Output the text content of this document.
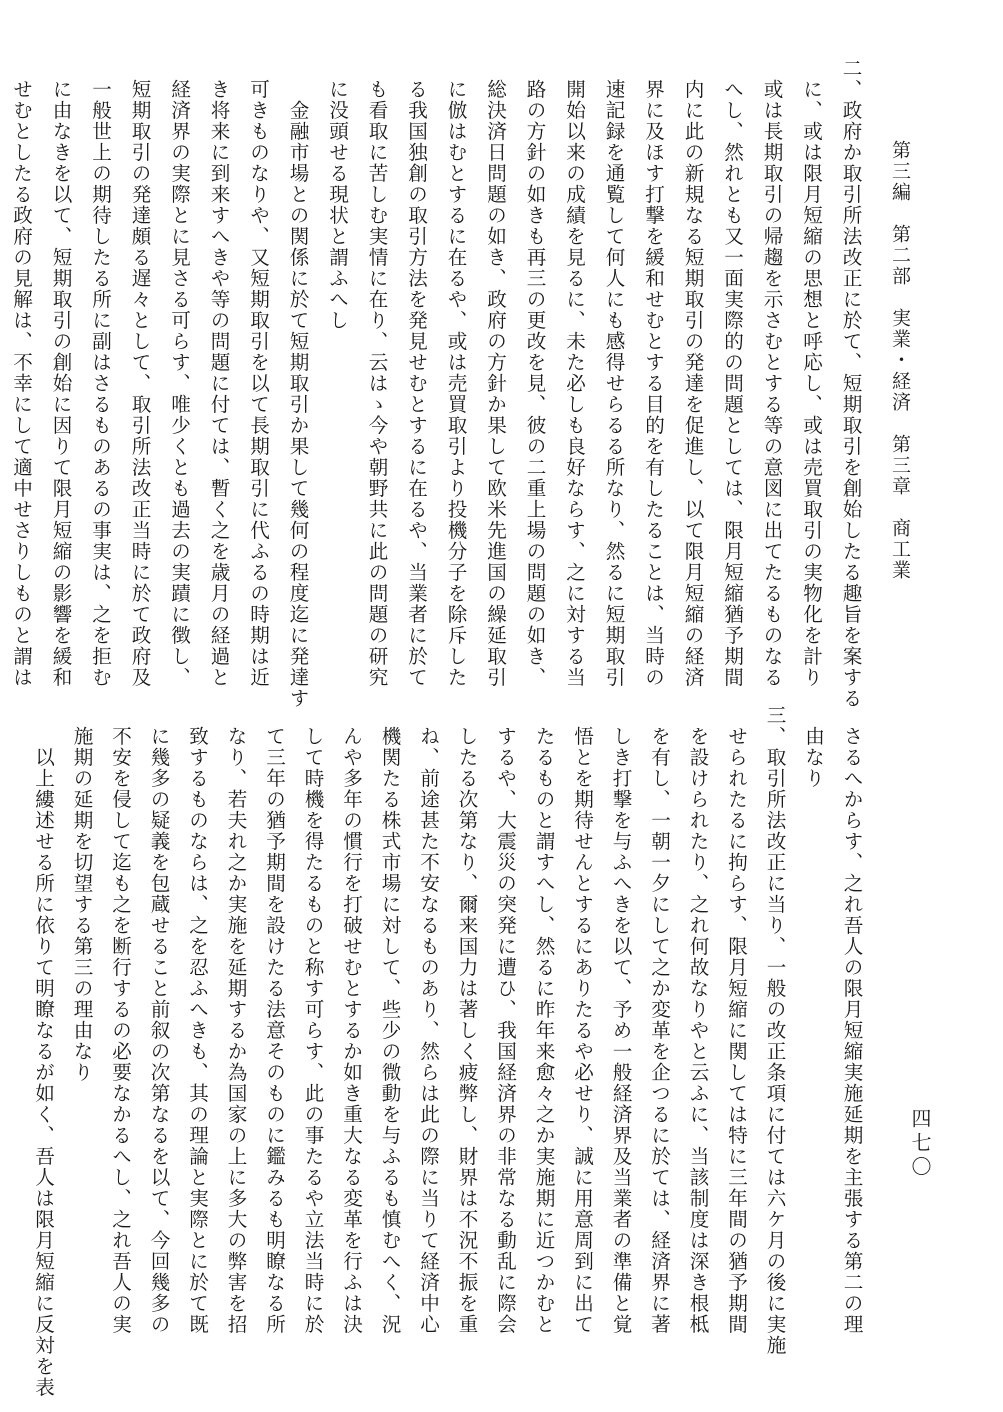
第三編　第二部　実業・経済　第三章　商工業
四七〇
二、政府か取引所法改正に於て、短期取引を創始したる趣旨を案する
　に、或は限月短縮の思想と呼応し、或は売買取引の実物化を計り
　或は長期取引の帰趨を示さむとする等の意図に出てたるものなる
　へし、然れとも又一面実際的の問題としては、限月短縮猶予期間
　内に此の新規なる短期取引の発達を促進し、以て限月短縮の経済
　界に及ほす打撃を緩和せむとする目的を有したることは、当時の
　速記録を通覧して何人にも感得せらるる所なり、然るに短期取引
　開始以来の成績を見るに、未た必しも良好ならす、之に対する当
　路の方針の如きも再三の更改を見、彼の二重上場の問題の如き、
　総決済日問題の如き、政府の方針か果して欧米先進国の繰延取引
　に倣はむとするに在るや、或は売買取引より投機分子を除斥した
　る我国独創の取引方法を発見せむとするに在るや、当業者に於て
　も看取に苦しむ実情に在り、云はゝ今や朝野共に此の問題の研究
　に没頭せる現状と謂ふへし
　　金融市場との関係に於て短期取引か果して幾何の程度迄に発達す
　可きものなりや、又短期取引を以て長期取引に代ふるの時期は近
　き将来に到来すへきや等の問題に付ては、暫く之を歳月の経過と
　経済界の実際とに見さる可らす、唯少くとも過去の実蹟に徴し、
　短期取引の発達頗る遅々として、取引所法改正当時に於て政府及
　一般世上の期待したる所に副はさるものあるの事実は、之を拒む
　に由なきを以て、短期取引の創始に因りて限月短縮の影響を緩和
　せむとしたる政府の見解は、不幸にして適中せさりしものと謂は
　さるへからす、之れ吾人の限月短縮実施延期を主張する第二の理
　由なり
三、取引所法改正に当り、一般の改正条項に付ては六ケ月の後に実施
　せられたるに拘らす、限月短縮に関しては特に三年間の猶予期間
　を設けられたり、之れ何故なりやと云ふに、当該制度は深き根柢
　を有し、一朝一夕にして之か変革を企つるに於ては、経済界に著
　しき打撃を与ふへきを以て、予め一般経済界及当業者の準備と覚
　悟とを期待せんとするにありたるや必せり、誠に用意周到に出て
　たるものと謂すへし、然るに昨年来愈々之か実施期に近つかむと
　するや、大震災の突発に遭ひ、我国経済界の非常なる動乱に際会
　したる次第なり、爾来国力は著しく疲弊し、財界は不況不振を重
　ね、前途甚た不安なるものあり、然らは此の際に当りて経済中心
　機関たる株式市場に対して、些少の微動を与ふるも慎むへく、況
　んや多年の慣行を打破せむとするか如き重大なる変革を行ふは決
　して時機を得たるものと称す可らす、此の事たるや立法当時に於
　て三年の猶予期間を設けたる法意そのものに鑑みるも明瞭なる所
　なり、若夫れ之か実施を延期するか為国家の上に多大の弊害を招
　致するものならは、之を忍ふへきも、其の理論と実際とに於て既
　に幾多の疑義を包蔵せること前叙の次第なるを以て、今回幾多の
　不安を侵して迄も之を断行するの必要なかるへし、之れ吾人の実
　施期の延期を切望する第三の理由なり
　　以上縷述せる所に依りて明瞭なるが如く、吾人は限月短縮に反対を表
